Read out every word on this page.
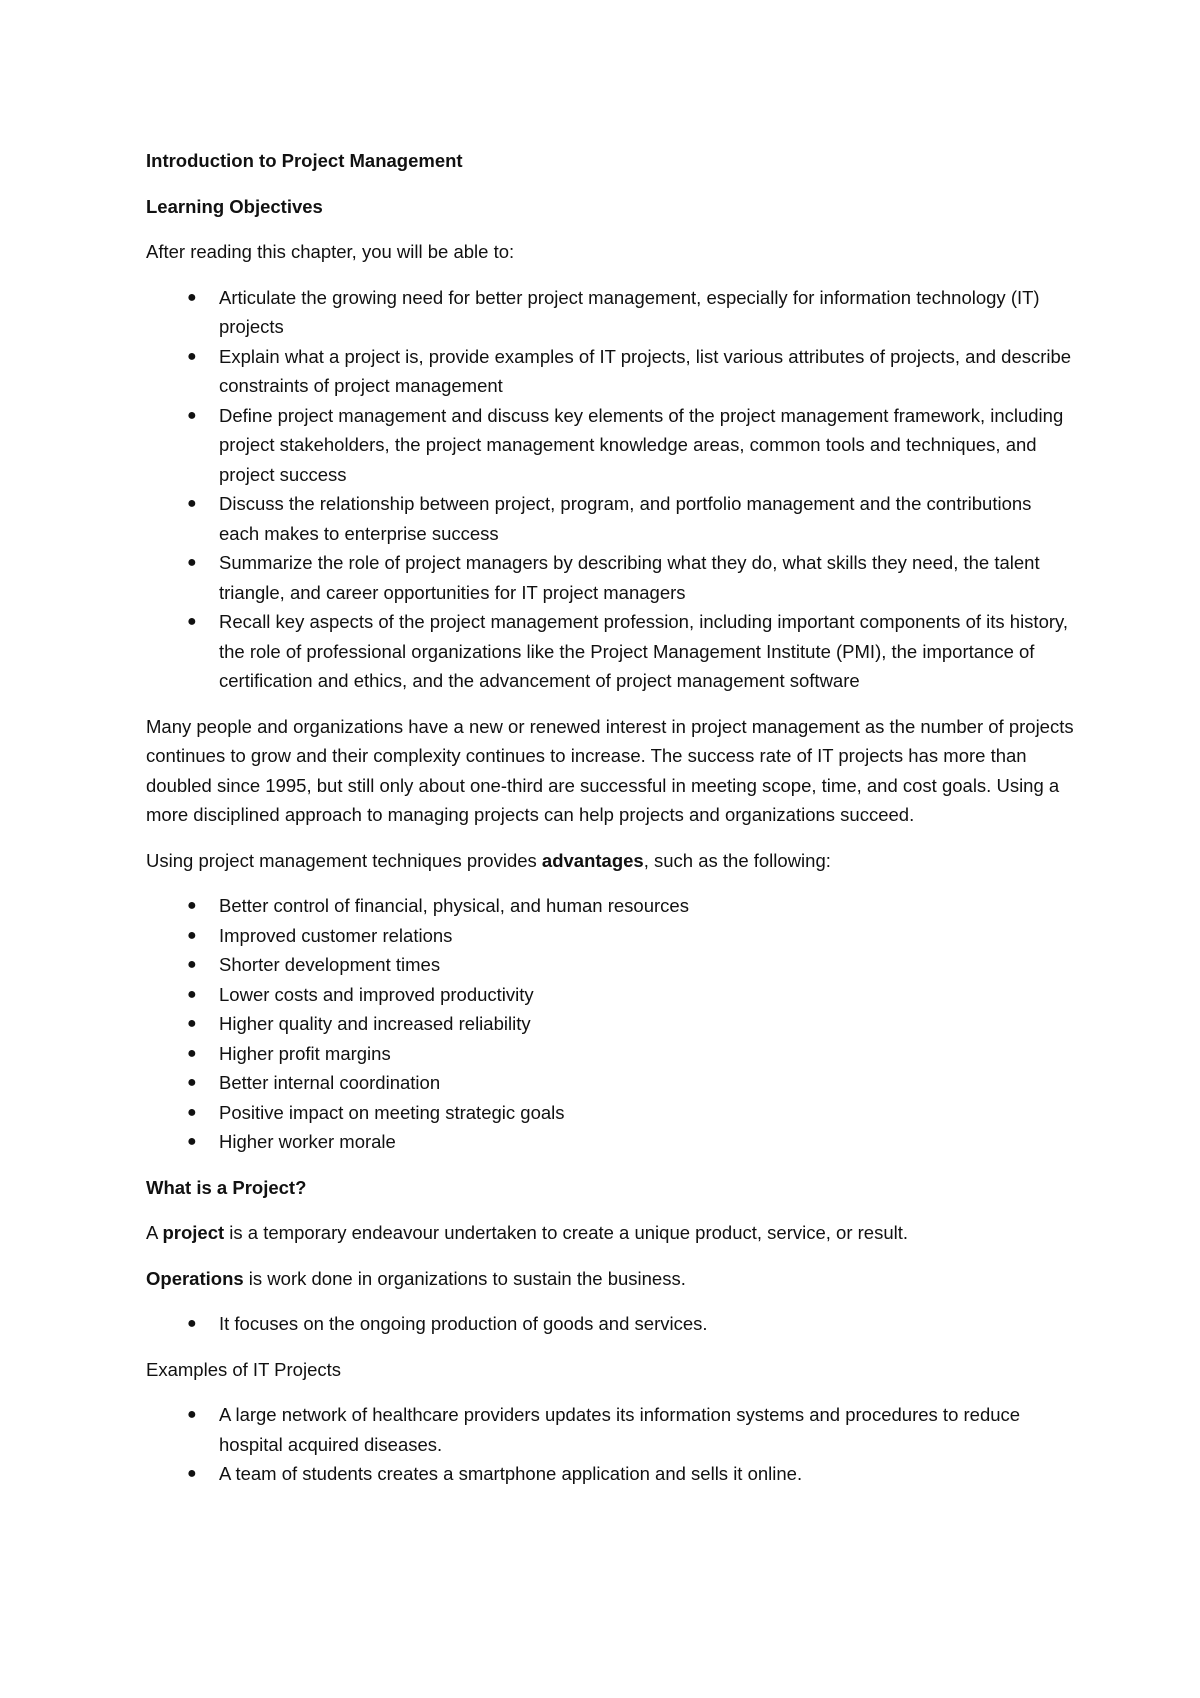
Introduction to Project Management

Learning Objectives

After reading this chapter, you will be able to:

● Articulate the growing need for better project management, especially for information technology (IT) projects
● Explain what a project is, provide examples of IT projects, list various attributes of projects, and describe constraints of project management
● Define project management and discuss key elements of the project management framework, including project stakeholders, the project management knowledge areas, common tools and techniques, and project success
● Discuss the relationship between project, program, and portfolio management and the contributions each makes to enterprise success
● Summarize the role of project managers by describing what they do, what skills they need, the talent triangle, and career opportunities for IT project managers
● Recall key aspects of the project management profession, including important components of its history, the role of professional organizations like the Project Management Institute (PMI), the importance of certification and ethics, and the advancement of project management software

Many people and organizations have a new or renewed interest in project management as the number of projects continues to grow and their complexity continues to increase. The success rate of IT projects has more than doubled since 1995, but still only about one-third are successful in meeting scope, time, and cost goals. Using a more disciplined approach to managing projects can help projects and organizations succeed.

Using project management techniques provides advantages, such as the following:

● Better control of financial, physical, and human resources
● Improved customer relations
● Shorter development times
● Lower costs and improved productivity
● Higher quality and increased reliability
● Higher profit margins
● Better internal coordination
● Positive impact on meeting strategic goals
● Higher worker morale

What is a Project?

A project is a temporary endeavour undertaken to create a unique product, service, or result.

Operations is work done in organizations to sustain the business.

● It focuses on the ongoing production of goods and services.

Examples of IT Projects

● A large network of healthcare providers updates its information systems and procedures to reduce hospital acquired diseases.
● A team of students creates a smartphone application and sells it online.
